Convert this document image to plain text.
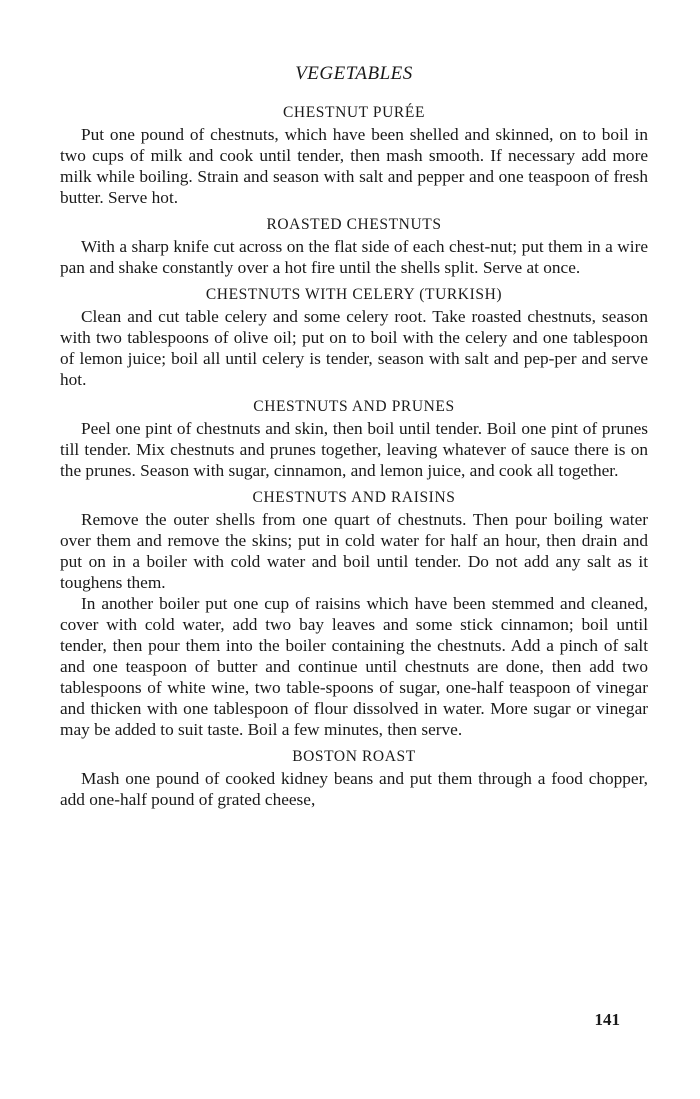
VEGETABLES
CHESTNUT PURÉE

Put one pound of chestnuts, which have been shelled and skinned, on to boil in two cups of milk and cook until tender, then mash smooth. If necessary add more milk while boiling. Strain and season with salt and pepper and one teaspoon of fresh butter. Serve hot.

ROASTED CHESTNUTS

With a sharp knife cut across on the flat side of each chest-nut; put them in a wire pan and shake constantly over a hot fire until the shells split. Serve at once.

CHESTNUTS WITH CELERY (TURKISH)

Clean and cut table celery and some celery root. Take roasted chestnuts, season with two tablespoons of olive oil; put on to boil with the celery and one tablespoon of lemon juice; boil all until celery is tender, season with salt and pep-per and serve hot.

CHESTNUTS AND PRUNES

Peel one pint of chestnuts and skin, then boil until tender. Boil one pint of prunes till tender. Mix chestnuts and prunes together, leaving whatever of sauce there is on the prunes. Season with sugar, cinnamon, and lemon juice, and cook all together.

CHESTNUTS AND RAISINS

Remove the outer shells from one quart of chestnuts. Then pour boiling water over them and remove the skins; put in cold water for half an hour, then drain and put on in a boiler with cold water and boil until tender. Do not add any salt as it toughens them.

In another boiler put one cup of raisins which have been stemmed and cleaned, cover with cold water, add two bay leaves and some stick cinnamon; boil until tender, then pour them into the boiler containing the chestnuts. Add a pinch of salt and one teaspoon of butter and continue until chestnuts are done, then add two tablespoons of white wine, two table-spoons of sugar, one-half teaspoon of vinegar and thicken with one tablespoon of flour dissolved in water. More sugar or vinegar may be added to suit taste. Boil a few minutes, then serve.

BOSTON ROAST

Mash one pound of cooked kidney beans and put them through a food chopper, add one-half pound of grated cheese,

141
